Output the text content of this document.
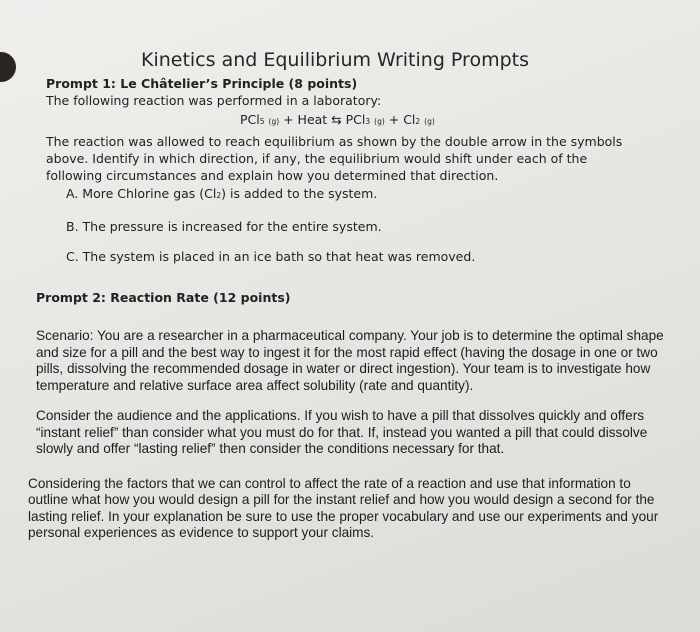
Kinetics and Equilibrium Writing Prompts
Prompt 1: Le Châtelier’s Principle (8 points)
The following reaction was performed in a laboratory:
PCl5 (g) + Heat ⇆ PCl3 (g) + Cl2 (g)
The reaction was allowed to reach equilibrium as shown by the double arrow in the symbols above. Identify in which direction, if any, the equilibrium would shift under each of the following circumstances and explain how you determined that direction.
A. More Chlorine gas (Cl2) is added to the system.
B. The pressure is increased for the entire system.
C. The system is placed in an ice bath so that heat was removed.
Prompt 2: Reaction Rate (12 points)
Scenario: You are a researcher in a pharmaceutical company. Your job is to determine the optimal shape and size for a pill and the best way to ingest it for the most rapid effect (having the dosage in one or two pills, dissolving the recommended dosage in water or direct ingestion). Your team is to investigate how temperature and relative surface area affect solubility (rate and quantity).
Consider the audience and the applications. If you wish to have a pill that dissolves quickly and offers “instant relief” than consider what you must do for that. If, instead you wanted a pill that could dissolve slowly and offer “lasting relief” then consider the conditions necessary for that.
Considering the factors that we can control to affect the rate of a reaction and use that information to outline what how you would design a pill for the instant relief and how you would design a second for the lasting relief. In your explanation be sure to use the proper vocabulary and use our experiments and your personal experiences as evidence to support your claims.
